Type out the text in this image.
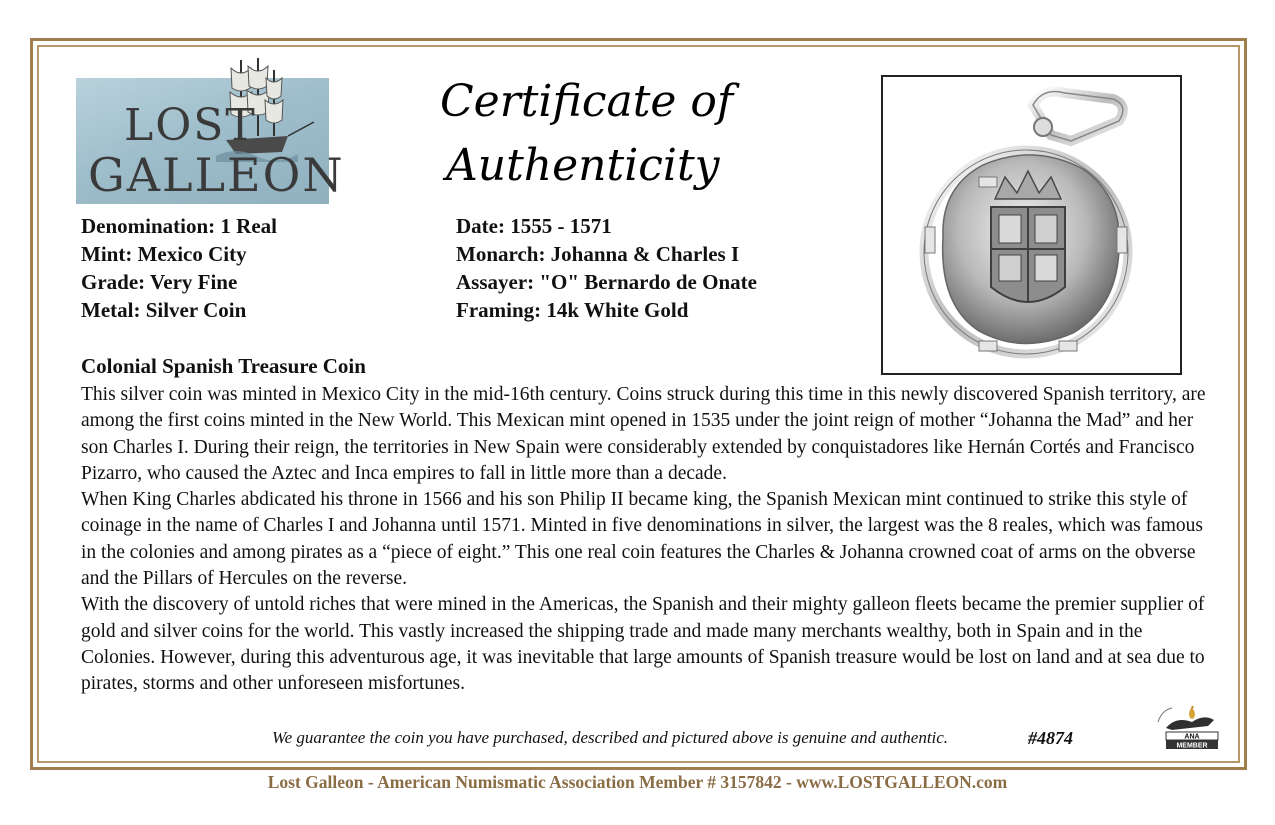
LOST
GALLEON
Certificate of
Authenticity
Denomination: 1 Real
Mint: Mexico City
Grade: Very Fine
Metal: Silver Coin
Date: 1555 - 1571
Monarch: Johanna & Charles I
Assayer: "O" Bernardo de Onate
Framing: 14k White Gold
Colonial Spanish Treasure Coin

This silver coin was minted in Mexico City in the mid-16th century. Coins struck during this time in this newly discovered Spanish territory, are among the first coins minted in the New World. This Mexican mint opened in 1535 under the joint reign of mother “Johanna the Mad” and her son Charles I. During their reign, the territories in New Spain were considerably extended by conquistadores like Hernán Cortés and Francisco Pizarro, who caused the Aztec and Inca empires to fall in little more than a decade.

When King Charles abdicated his throne in 1566 and his son Philip II became king, the Spanish Mexican mint continued to strike this style of coinage in the name of Charles I and Johanna until 1571. Minted in five denominations in silver, the largest was the 8 reales, which was famous in the colonies and among pirates as a “piece of eight.” This one real coin features the Charles & Johanna crowned coat of arms on the obverse and the Pillars of Hercules on the reverse.

With the discovery of untold riches that were mined in the Americas, the Spanish and their mighty galleon fleets became the premier supplier of gold and silver coins for the world. This vastly increased the shipping trade and made many merchants wealthy, both in Spain and in the Colonies. However, during this adventurous age, it was inevitable that large amounts of Spanish treasure would be lost on land and at sea due to pirates, storms and other unforeseen misfortunes.

We guarantee the coin you have purchased, described and pictured above is genuine and authentic.	#4874	ANA
MEMBER
Lost Galleon - American Numismatic Association Member # 3157842 - www.LOSTGALLEON.com
